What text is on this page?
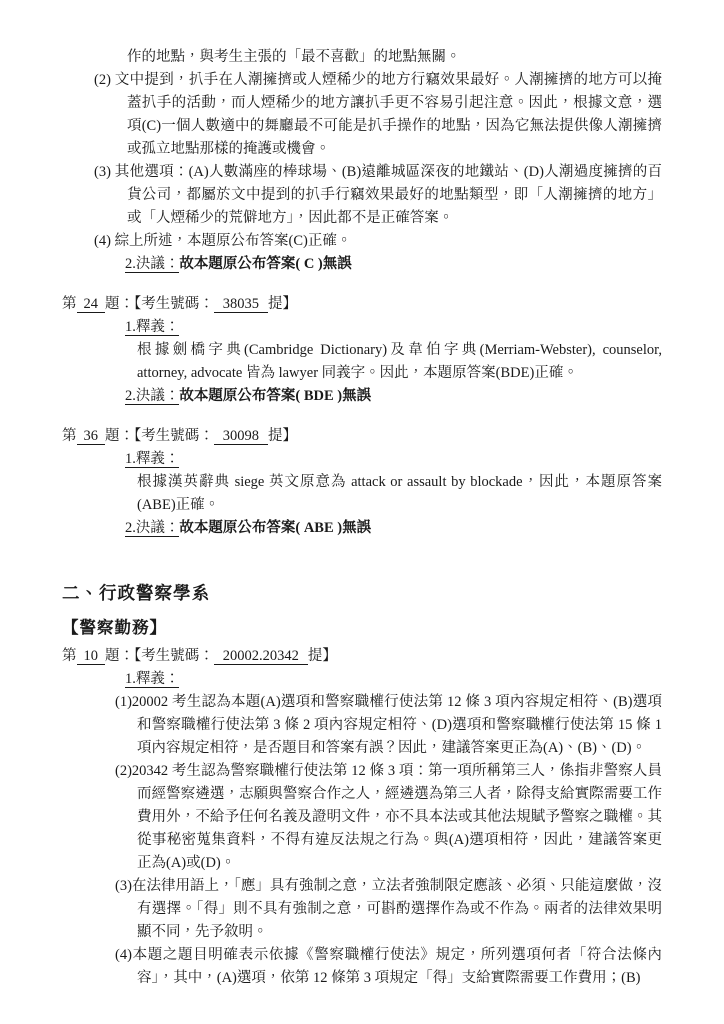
作的地點，與考生主張的「最不喜歡」的地點無關。
(2) 文中提到，扒手在人潮擁擠或人煙稀少的地方行竊效果最好。人潮擁擠的地方可以掩蓋扒手的活動，而人煙稀少的地方讓扒手更不容易引起注意。因此，根據文意，選項(C)一個人數適中的舞廳最不可能是扒手操作的地點，因為它無法提供像人潮擁擠或孤立地點那樣的掩護或機會。
(3) 其他選項：(A)人數滿座的棒球場、(B)遠離城區深夜的地鐵站、(D)人潮過度擁擠的百貨公司，都屬於文中提到的扒手行竊效果最好的地點類型，即「人潮擁擠的地方」或「人煙稀少的荒僻地方」，因此都不是正確答案。
(4) 綜上所述，本題原公布答案(C)正確。
2.決議：故本題原公布答案( C )無誤
第 24 題：【考生號碼： 38035 提】
1.釋義：
根據劍橋字典(Cambridge Dictionary)及韋伯字典(Merriam-Webster), counselor, attorney, advocate 皆為 lawyer 同義字。因此，本題原答案(BDE)正確。
2.決議：故本題原公布答案( BDE )無誤
第 36 題：【考生號碼： 30098 提】
1.釋義：
根據漢英辭典 siege 英文原意為 attack or assault by blockade，因此，本題原答案(ABE)正確。
2.決議：故本題原公布答案( ABE )無誤
二、行政警察學系
【警察勤務】
第 10 題：【考生號碼： 20002.20342 提】
1.釋義：
(1)20002 考生認為本題(A)選項和警察職權行使法第 12 條 3 項內容規定相符、(B)選項和警察職權行使法第 3 條 2 項內容規定相符、(D)選項和警察職權行使法第 15 條 1 項內容規定相符，是否題目和答案有誤？因此，建議答案更正為(A)、(B)、(D)。
(2)20342 考生認為警察職權行使法第 12 條 3 項：第一項所稱第三人，係指非警察人員而經警察遴選，志願與警察合作之人，經遴選為第三人者，除得支給實際需要工作費用外，不給予任何名義及證明文件，亦不具本法或其他法規賦予警察之職權。其從事秘密蒐集資料，不得有違反法規之行為。與(A)選項相符，因此，建議答案更正為(A)或(D)。
(3)在法律用語上，「應」具有強制之意，立法者強制限定應該、必須、只能這麼做，沒有選擇。「得」則不具有強制之意，可斟酌選擇作為或不作為。兩者的法律效果明顯不同，先予敘明。
(4)本題之題目明確表示依據《警察職權行使法》規定，所列選項何者「符合法條內容」，其中，(A)選項，依第 12 條第 3 項規定「得」支給實際需要工作費用；(B)
